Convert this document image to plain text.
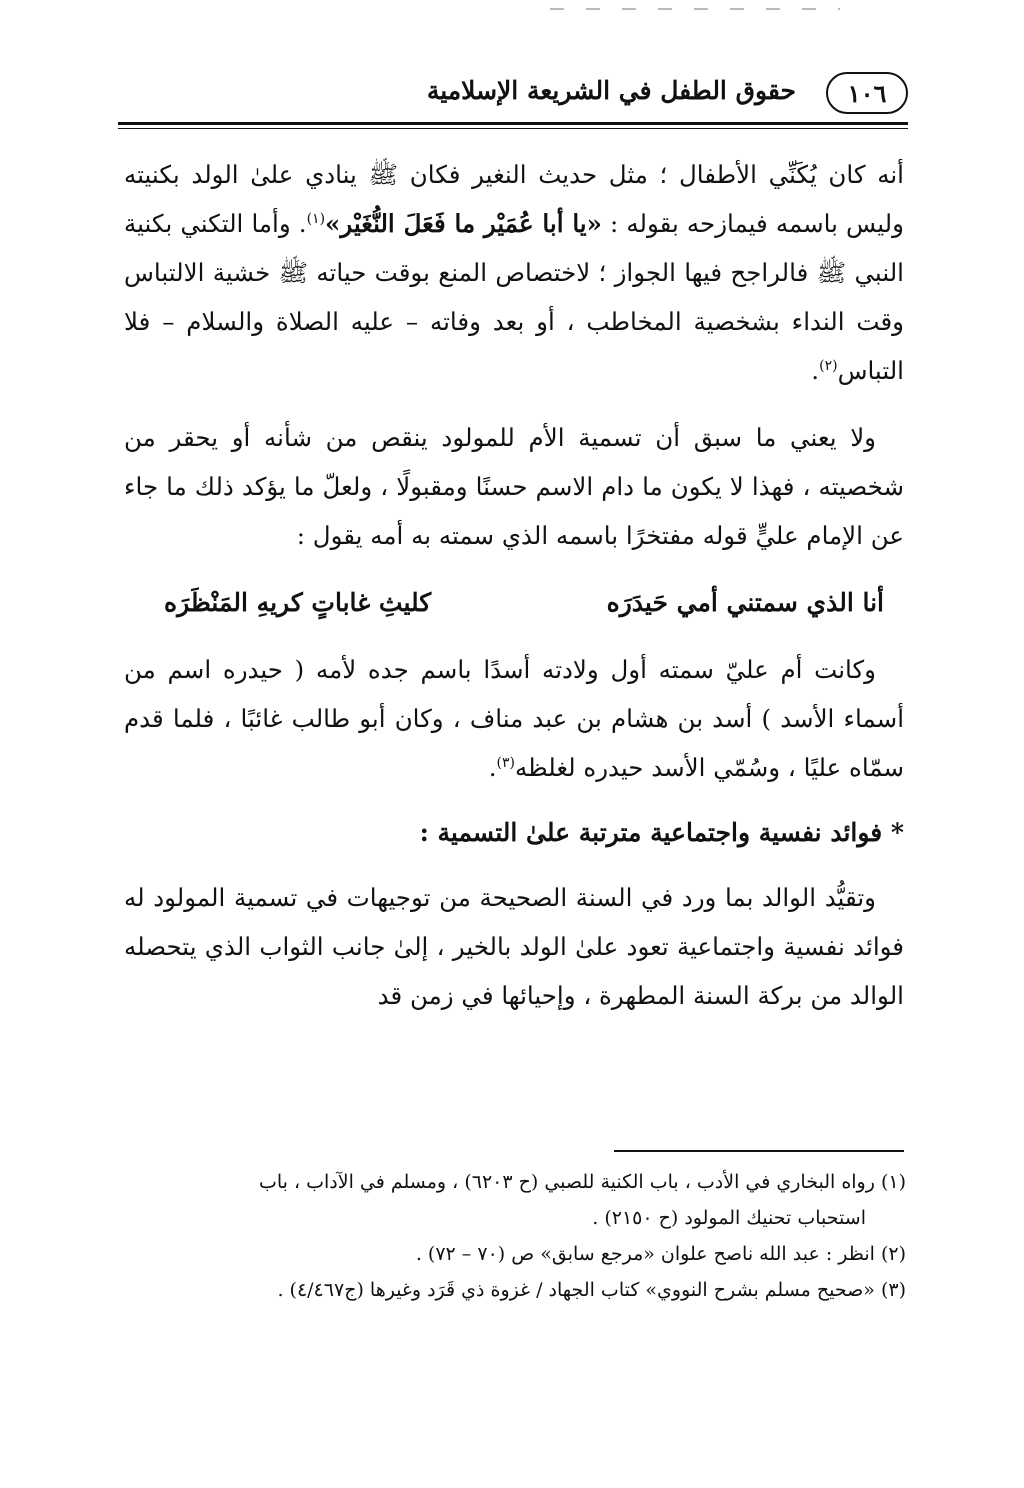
١٠٦
حقوق الطفل في الشريعة الإسلامية

أنه كان يُكَنِّي الأطفال ؛ مثل حديث النغير فكان ﷺ ينادي علىٰ الولد بكنيته وليس باسمه فيمازحه بقوله : «يا أبا عُمَيْر ما فَعَلَ النُّغَيْر»$^{(١)}$. وأما التكني بكنية النبي ﷺ فالراجح فيها الجواز ؛ لاختصاص المنع بوقت حياته ﷺ خشية الالتباس وقت النداء بشخصية المخاطب ، أو بعد وفاته – عليه الصلاة والسلام – فلا التباس$^{(٢)}$.

ولا يعني ما سبق أن تسمية الأم للمولود ينقص من شأنه أو يحقر من شخصيته ، فهذا لا يكون ما دام الاسم حسنًا ومقبولًا ، ولعلّ ما يؤكد ذلك ما جاء عن الإمام عليٍّ قوله مفتخرًا باسمه الذي سمته به أمه يقول :

أنا الذي سمتني أمي حَيدَرَه
كليثِ غاباتٍ كريهِ المَنْظَرَه

وكانت أم عليّ سمته أول ولادته أسدًا باسم جده لأمه ( حيدره اسم من أسماء الأسد ) أسد بن هشام بن عبد مناف ، وكان أبو طالب غائبًا ، فلما قدم سمّاه عليًا ، وسُمّي الأسد حيدره لغلظه$^{(٣)}$.

* فوائد نفسية واجتماعية مترتبة علىٰ التسمية :

وتقيُّد الوالد بما ورد في السنة الصحيحة من توجيهات في تسمية المولود له فوائد نفسية واجتماعية تعود علىٰ الولد بالخير ، إلىٰ جانب الثواب الذي يتحصله الوالد من بركة السنة المطهرة ، وإحيائها في زمن قد

(١) رواه البخاري في الأدب ، باب الكنية للصبي (ح ٦٢٠٣) ، ومسلم في الآداب ، باب
استحباب تحنيك المولود (ح ٢١٥٠) .

(٢) انظر : عبد الله ناصح علوان «مرجع سابق» ص (٧٠ – ٧٢) .

(٣) «صحيح مسلم بشرح النووي» كتاب الجهاد / غزوة ذي قَرَد وغيرها (ج٤/٤٦٧) .
